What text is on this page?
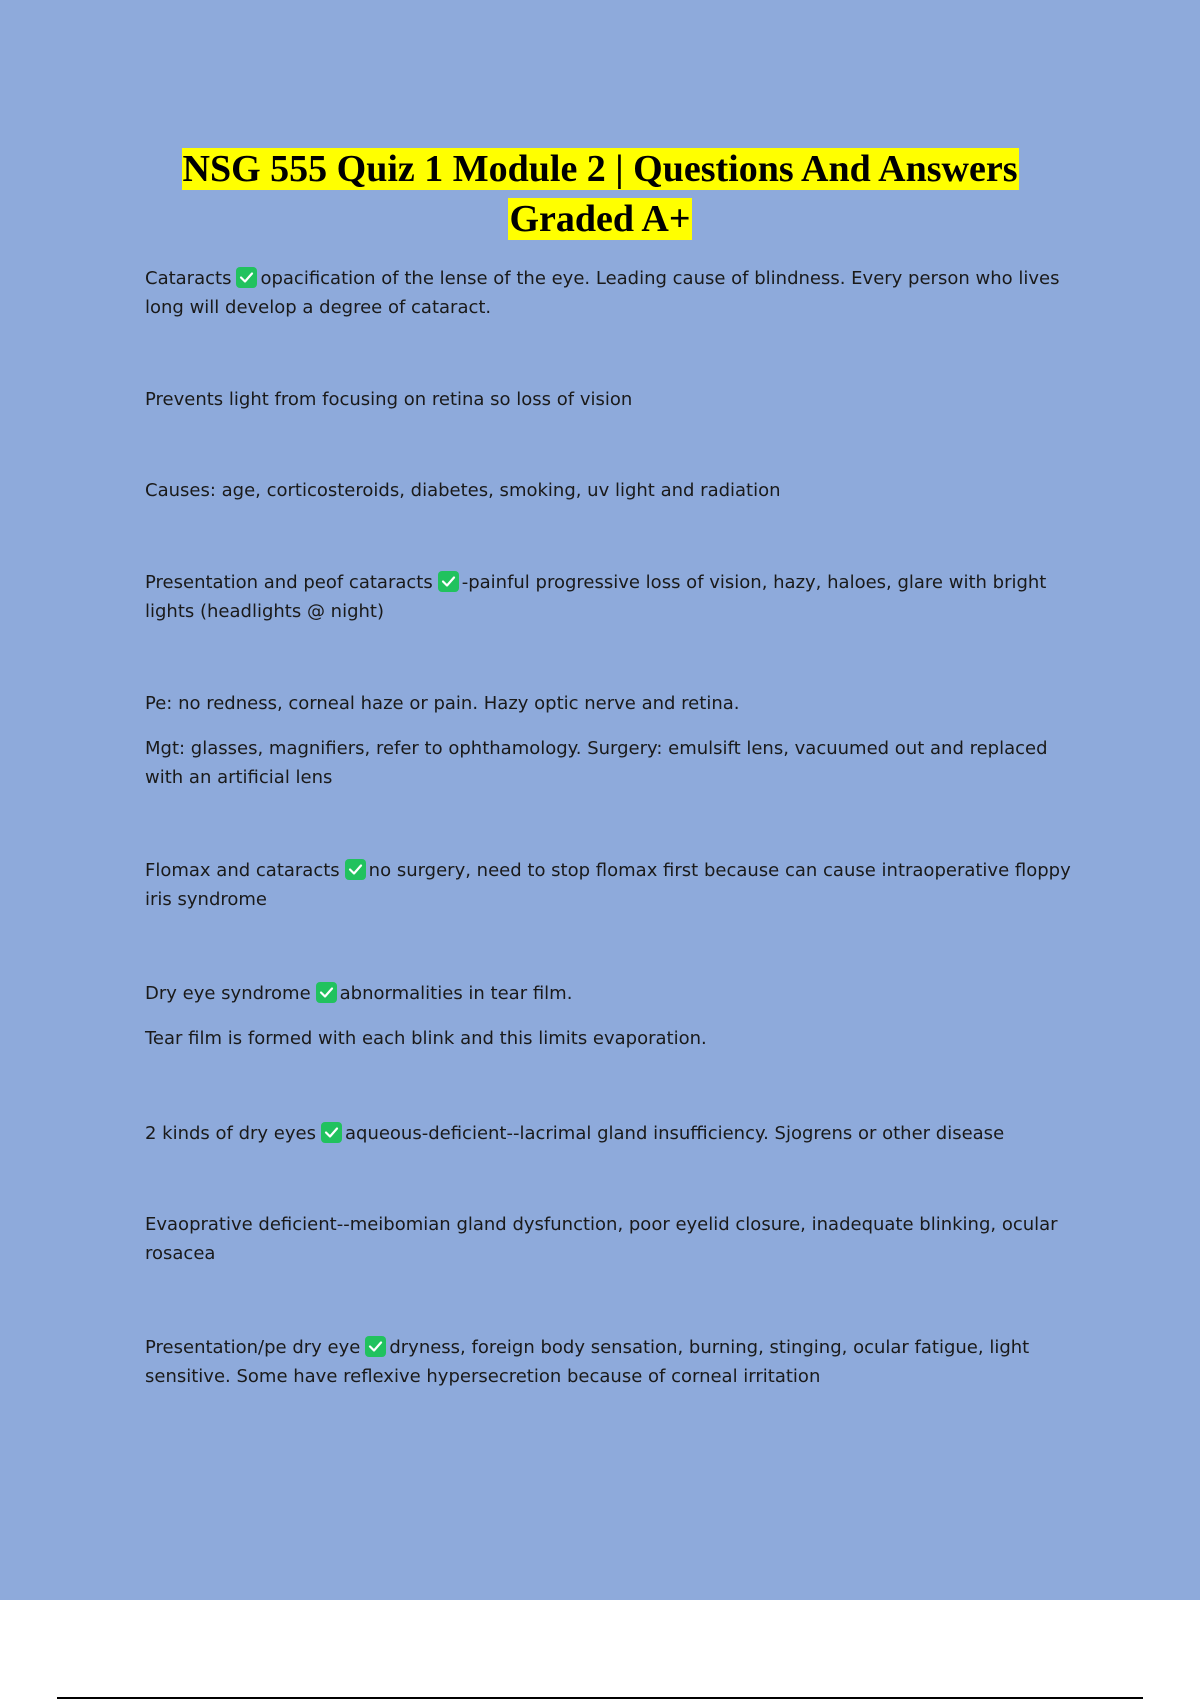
NSG 555 Quiz 1 Module 2 | Questions And Answers
Graded A+

Cataracts opacification of the lense of the eye. Leading cause of blindness. Every person who lives long will develop a degree of cataract.

Prevents light from focusing on retina so loss of vision

Causes: age, corticosteroids, diabetes, smoking, uv light and radiation

Presentation and peof cataracts -painful progressive loss of vision, hazy, haloes, glare with bright lights (headlights @ night)

Pe: no redness, corneal haze or pain. Hazy optic nerve and retina.

Mgt: glasses, magnifiers, refer to ophthamology. Surgery: emulsift lens, vacuumed out and replaced with an artificial lens

Flomax and cataracts no surgery, need to stop flomax first because can cause intraoperative floppy iris syndrome

Dry eye syndrome abnormalities in tear film.

Tear film is formed with each blink and this limits evaporation.

2 kinds of dry eyes aqueous-deficient--lacrimal gland insufficiency. Sjogrens or other disease

Evaoprative deficient--meibomian gland dysfunction, poor eyelid closure, inadequate blinking, ocular rosacea

Presentation/pe dry eye dryness, foreign body sensation, burning, stinging, ocular fatigue, light sensitive. Some have reflexive hypersecretion because of corneal irritation
